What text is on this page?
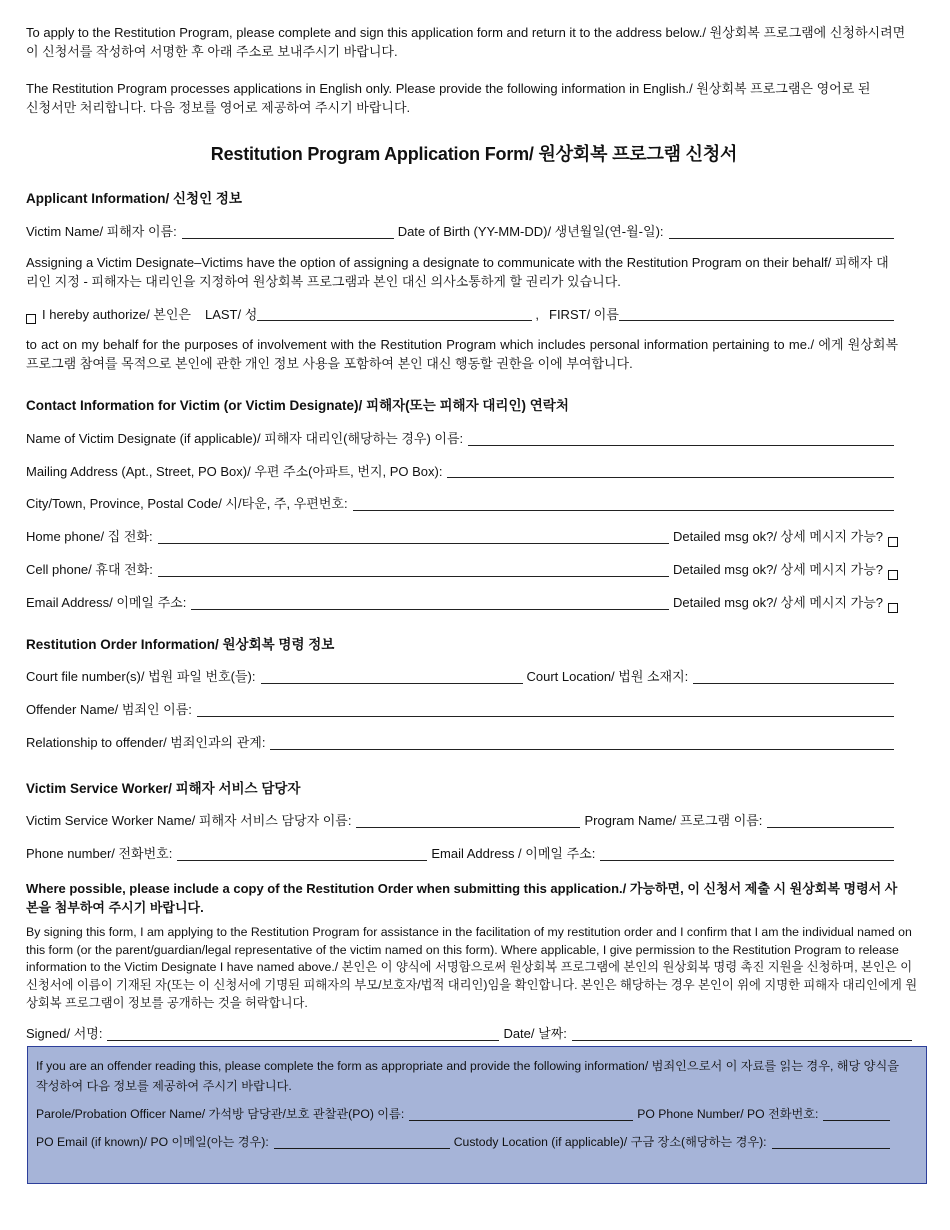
To apply to the Restitution Program, please complete and sign this application form and return it to the address below./ 원상회복 프로그램에 신청하시려면 이 신청서를 작성하여 서명한 후 아래 주소로 보내주시기 바랍니다.

The Restitution Program processes applications in English only. Please provide the following information in English./ 원상회복 프로그램은 영어로 된 신청서만 처리합니다. 다음 정보를 영어로 제공하여 주시기 바랍니다.

Restitution Program Application Form/ 원상회복 프로그램 신청서
Applicant Information/ 신청인 정보
Victim Name/ 피해자 이름:	Date of Birth (YY-MM-DD)/ 생년월일(연-월-일):

Assigning a Victim Designate–Victims have the option of assigning a designate to communicate with the Restitution Program on their behalf/ 피해자 대리인 지정 - 피해자는 대리인을 지정하여 원상회복 프로그램과 본인 대신 의사소통하게 할 권리가 있습니다.

I hereby authorize/ 본인은 LAST/ 성	, FIRST/ 이름

to act on my behalf for the purposes of involvement with the Restitution Program which includes personal information pertaining to me./ 에게 원상회복 프로그램 참여를 목적으로 본인에 관한 개인 정보 사용을 포함하여 본인 대신 행동할 권한을 이에 부여합니다.

Contact Information for Victim (or Victim Designate)/ 피해자(또는 피해자 대리인) 연락처
Name of Victim Designate (if applicable)/ 피해자 대리인(해당하는 경우) 이름:
Mailing Address (Apt., Street, PO Box)/ 우편 주소(아파트, 번지, PO Box):
City/Town, Province, Postal Code/ 시/타운, 주, 우편번호:
Home phone/ 집 전화:	Detailed msg ok?/ 상세 메시지 가능?
Cell phone/ 휴대 전화:	Detailed msg ok?/ 상세 메시지 가능?
Email Address/ 이메일 주소:	Detailed msg ok?/ 상세 메시지 가능?
Restitution Order Information/ 원상회복 명령 정보
Court file number(s)/ 법원 파일 번호(들):	Court Location/ 법원 소재지:
Offender Name/ 범죄인 이름:
Relationship to offender/ 범죄인과의 관계:
Victim Service Worker/ 피해자 서비스 담당자
Victim Service Worker Name/ 피해자 서비스 담당자 이름:	Program Name/ 프로그램 이름:
Phone number/ 전화번호:	Email Address / 이메일 주소:

Where possible, please include a copy of the Restitution Order when submitting this application./ 가능하면, 이 신청서 제출 시 원상회복 명령서 사본을 첨부하여 주시기 바랍니다.

By signing this form, I am applying to the Restitution Program for assistance in the facilitation of my restitution order and I confirm that I am the individual named on this form (or the parent/guardian/legal representative of the victim named on this form). Where applicable, I give permission to the Restitution Program to release information to the Victim Designate I have named above./ 본인은 이 양식에 서명함으로써 원상회복 프로그램에 본인의 원상회복 명령 촉진 지원을 신청하며, 본인은 이 신청서에 이름이 기재된 자(또는 이 신청서에 기명된 피해자의 부모/보호자/법적 대리인)임을 확인합니다. 본인은 해당하는 경우 본인이 위에 지명한 피해자 대리인에게 원상회복 프로그램이 정보를 공개하는 것을 허락합니다.

Signed/ 서명:	Date/ 날짜:

If you are an offender reading this, please complete the form as appropriate and provide the following information/ 범죄인으로서 이 자료를 읽는 경우, 해당 양식을 작성하여 다음 정보를 제공하여 주시기 바랍니다.

Parole/Probation Officer Name/ 가석방 담당관/보호 관찰관(PO) 이름:	PO Phone Number/ PO 전화번호:
PO Email (if known)/ PO 이메일(아는 경우):	Custody Location (if applicable)/ 구금 장소(해당하는 경우):
